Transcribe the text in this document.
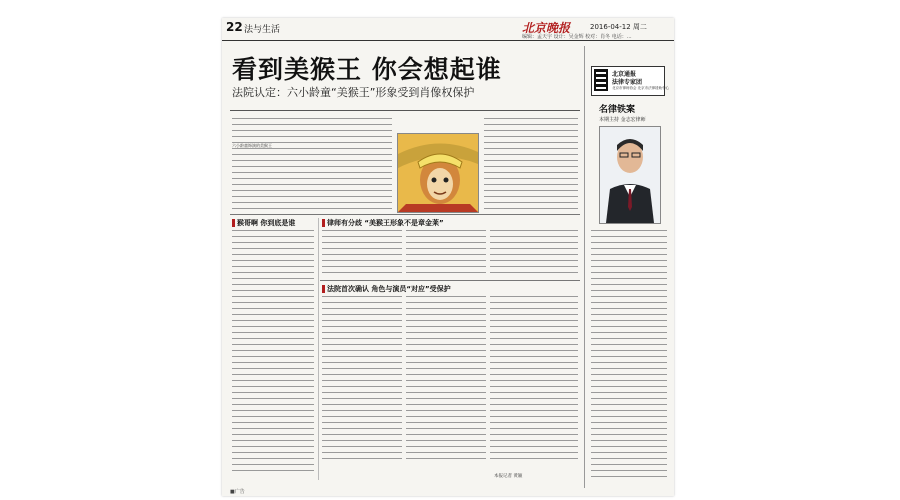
22 法与生活	北京晚报	2016-04-12 周二
编辑：孟天宇 设计：吴金辉 校对：肖冬 电话：...
看到美猴王 你会想起谁
法院认定：六小龄童“美猴王”形象受到肖像权保护
六小龄童饰演的美猴王
猴哥啊 你到底是谁	律师有分歧 “美猴王形象不是章金莱”
法院首次确认 角色与演员“对应”受保护
本报记者 黄颖
北京通报
法律专家团
北京市律师协会 北京市法律援助中心
名律铁案
本期主持 金志宏律师
■广告
